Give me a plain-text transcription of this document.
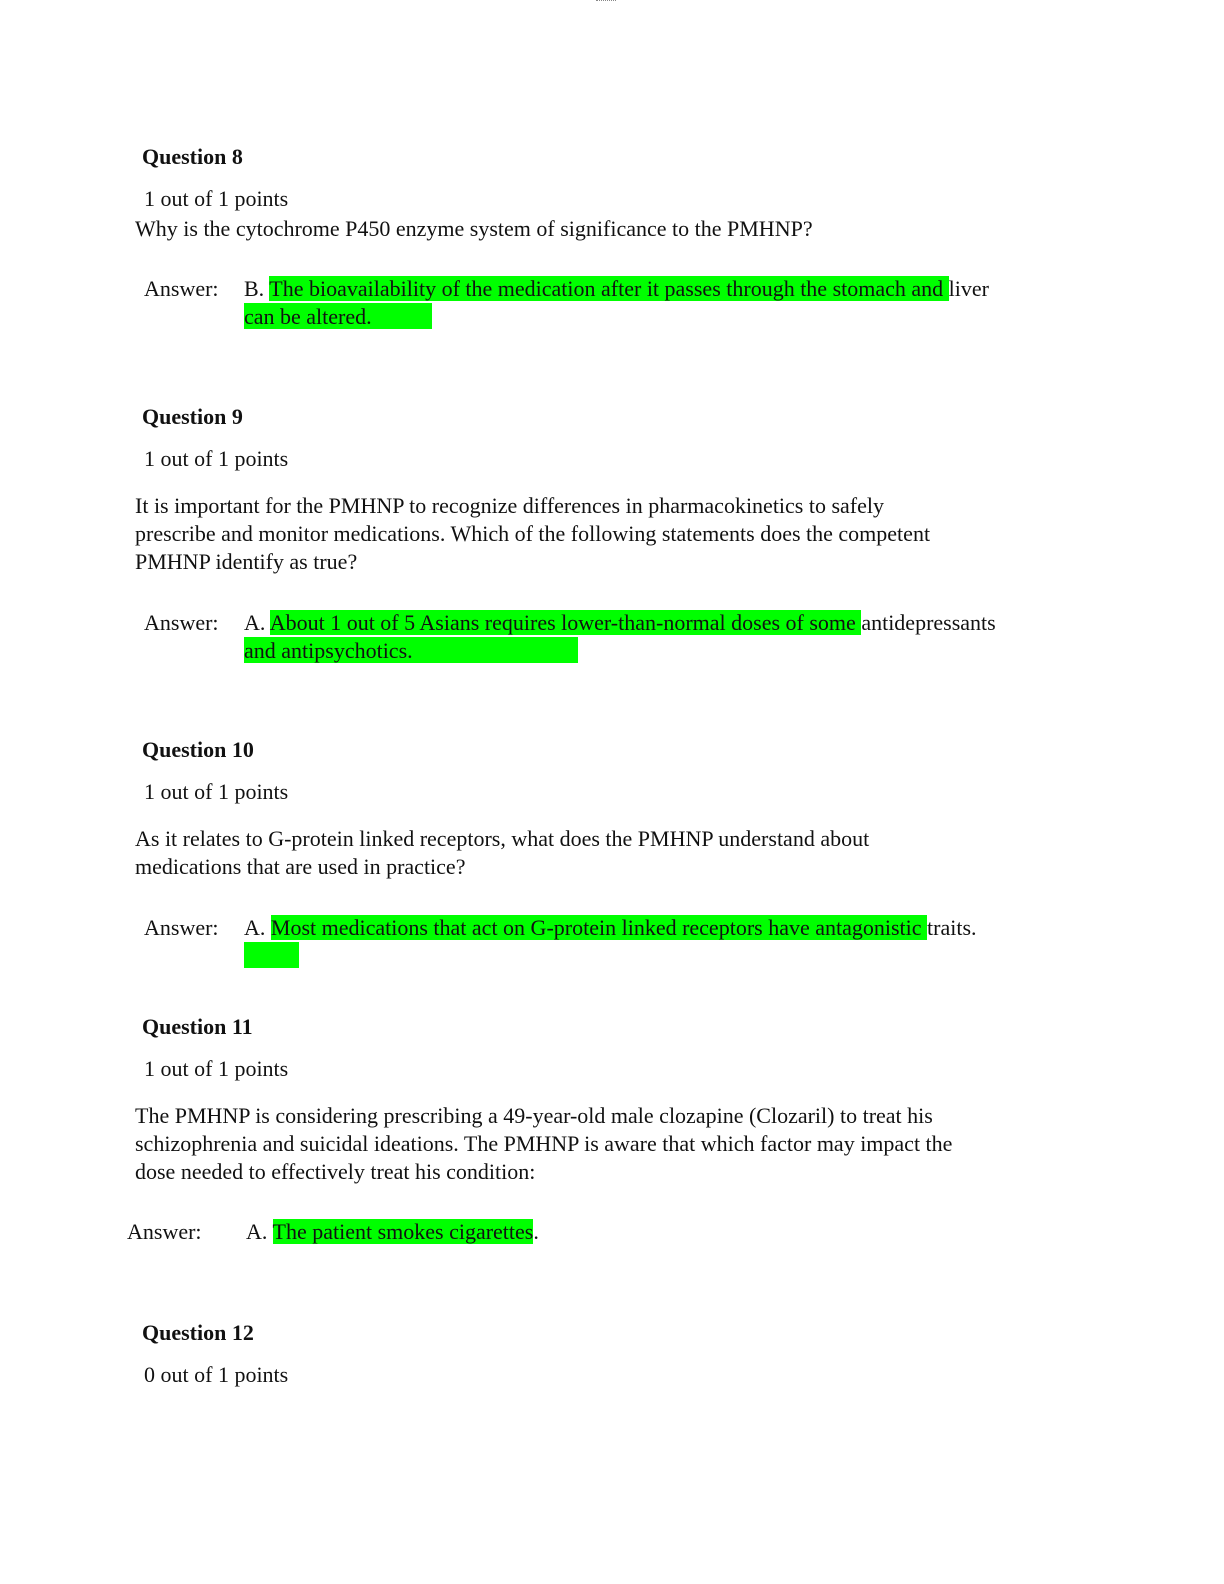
Question 8
1 out of 1 points
Why is the cytochrome P450 enzyme system of significance to the PMHNP?
Answer: B. The bioavailability of the medication after it passes through the stomach and liver
can be altered.
Question 9
1 out of 1 points
It is important for the PMHNP to recognize differences in pharmacokinetics to safely
prescribe and monitor medications. Which of the following statements does the competent
PMHNP identify as true?
Answer: A. About 1 out of 5 Asians requires lower-than-normal doses of some antidepressants
and antipsychotics.
Question 10
1 out of 1 points
As it relates to G-protein linked receptors, what does the PMHNP understand about
medications that are used in practice?
Answer: A. Most medications that act on G-protein linked receptors have antagonistic traits.
Question 11
1 out of 1 points
The PMHNP is considering prescribing a 49-year-old male clozapine (Clozaril) to treat his
schizophrenia and suicidal ideations. The PMHNP is aware that which factor may impact the
dose needed to effectively treat his condition:
Answer: A. The patient smokes cigarettes.
Question 12
0 out of 1 points
